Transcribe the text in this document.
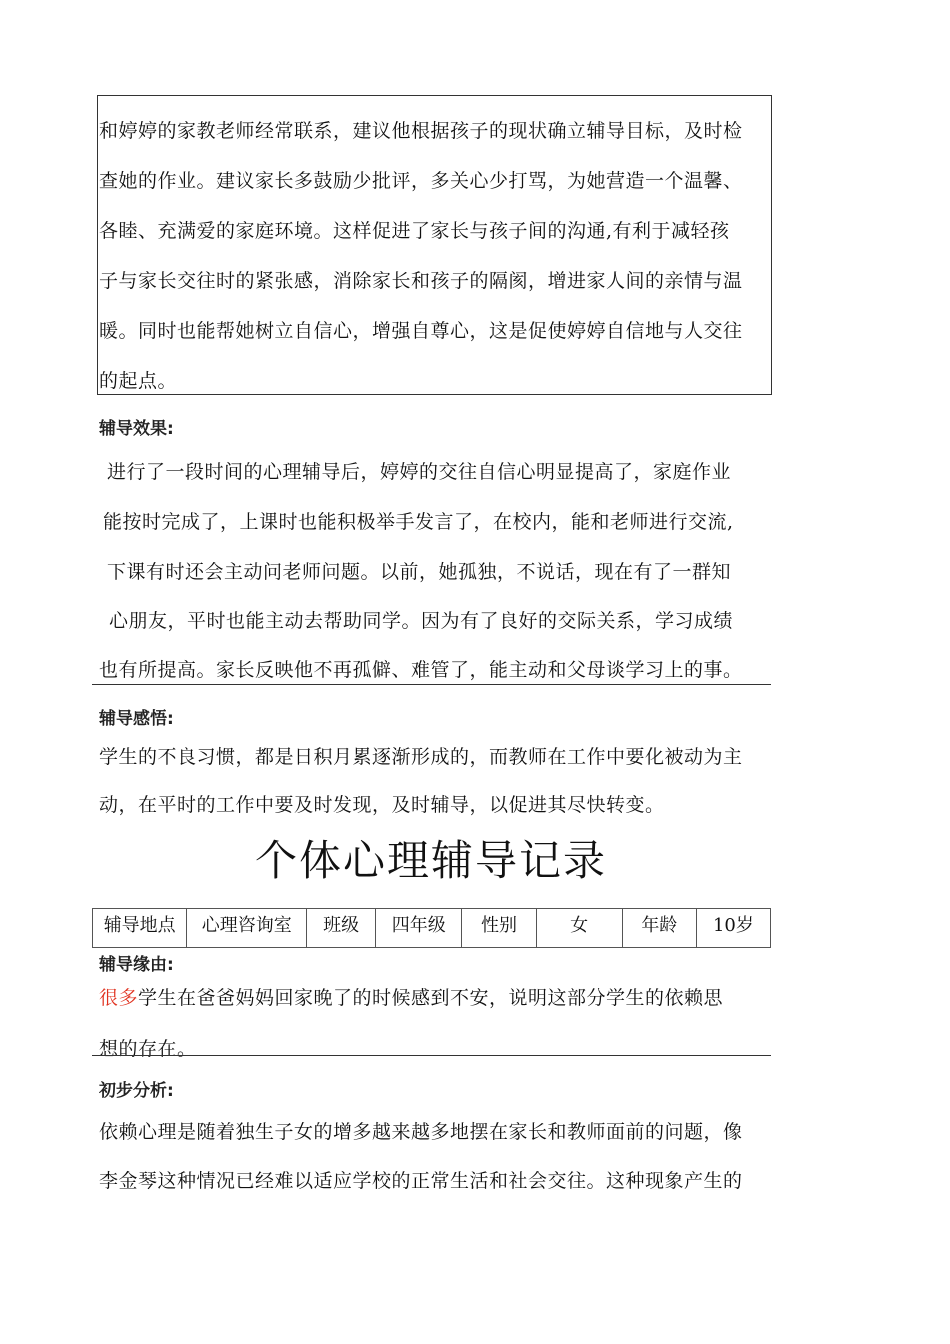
和婷婷的家教老师经常联系，建议他根据孩子的现状确立辅导目标，及时检
查她的作业。建议家长多鼓励少批评，多关心少打骂，为她营造一个温馨、
各睦、充满爱的家庭环境。这样促进了家长与孩子间的沟通,有利于减轻孩
子与家长交往时的紧张感，消除家长和孩子的隔阂，增进家人间的亲情与温
暖。同时也能帮她树立自信心，增强自尊心，这是促使婷婷自信地与人交往
的起点。
辅导效果:
进行了一段时间的心理辅导后，婷婷的交往自信心明显提高了，家庭作业
能按时完成了，上课时也能积极举手发言了，在校内，能和老师进行交流,
下课有时还会主动问老师问题。以前，她孤独，不说话，现在有了一群知
心朋友，平时也能主动去帮助同学。因为有了良好的交际关系，学习成绩
也有所提高。家长反映他不再孤僻、难管了，能主动和父母谈学习上的事。
辅导感悟:
学生的不良习惯，都是日积月累逐渐形成的，而教师在工作中要化被动为主
动，在平时的工作中要及时发现，及时辅导，以促进其尽快转变。
个体心理辅导记录
辅导地点	心理咨询室	班级	四年级	性别	女	年龄	10岁
辅导缘由:
很多学生在爸爸妈妈回家晚了的时候感到不安，说明这部分学生的依赖思
想的存在。
初步分析:
依赖心理是随着独生子女的增多越来越多地摆在家长和教师面前的问题，像
李金琴这种情况已经难以适应学校的正常生活和社会交往。这种现象产生的
